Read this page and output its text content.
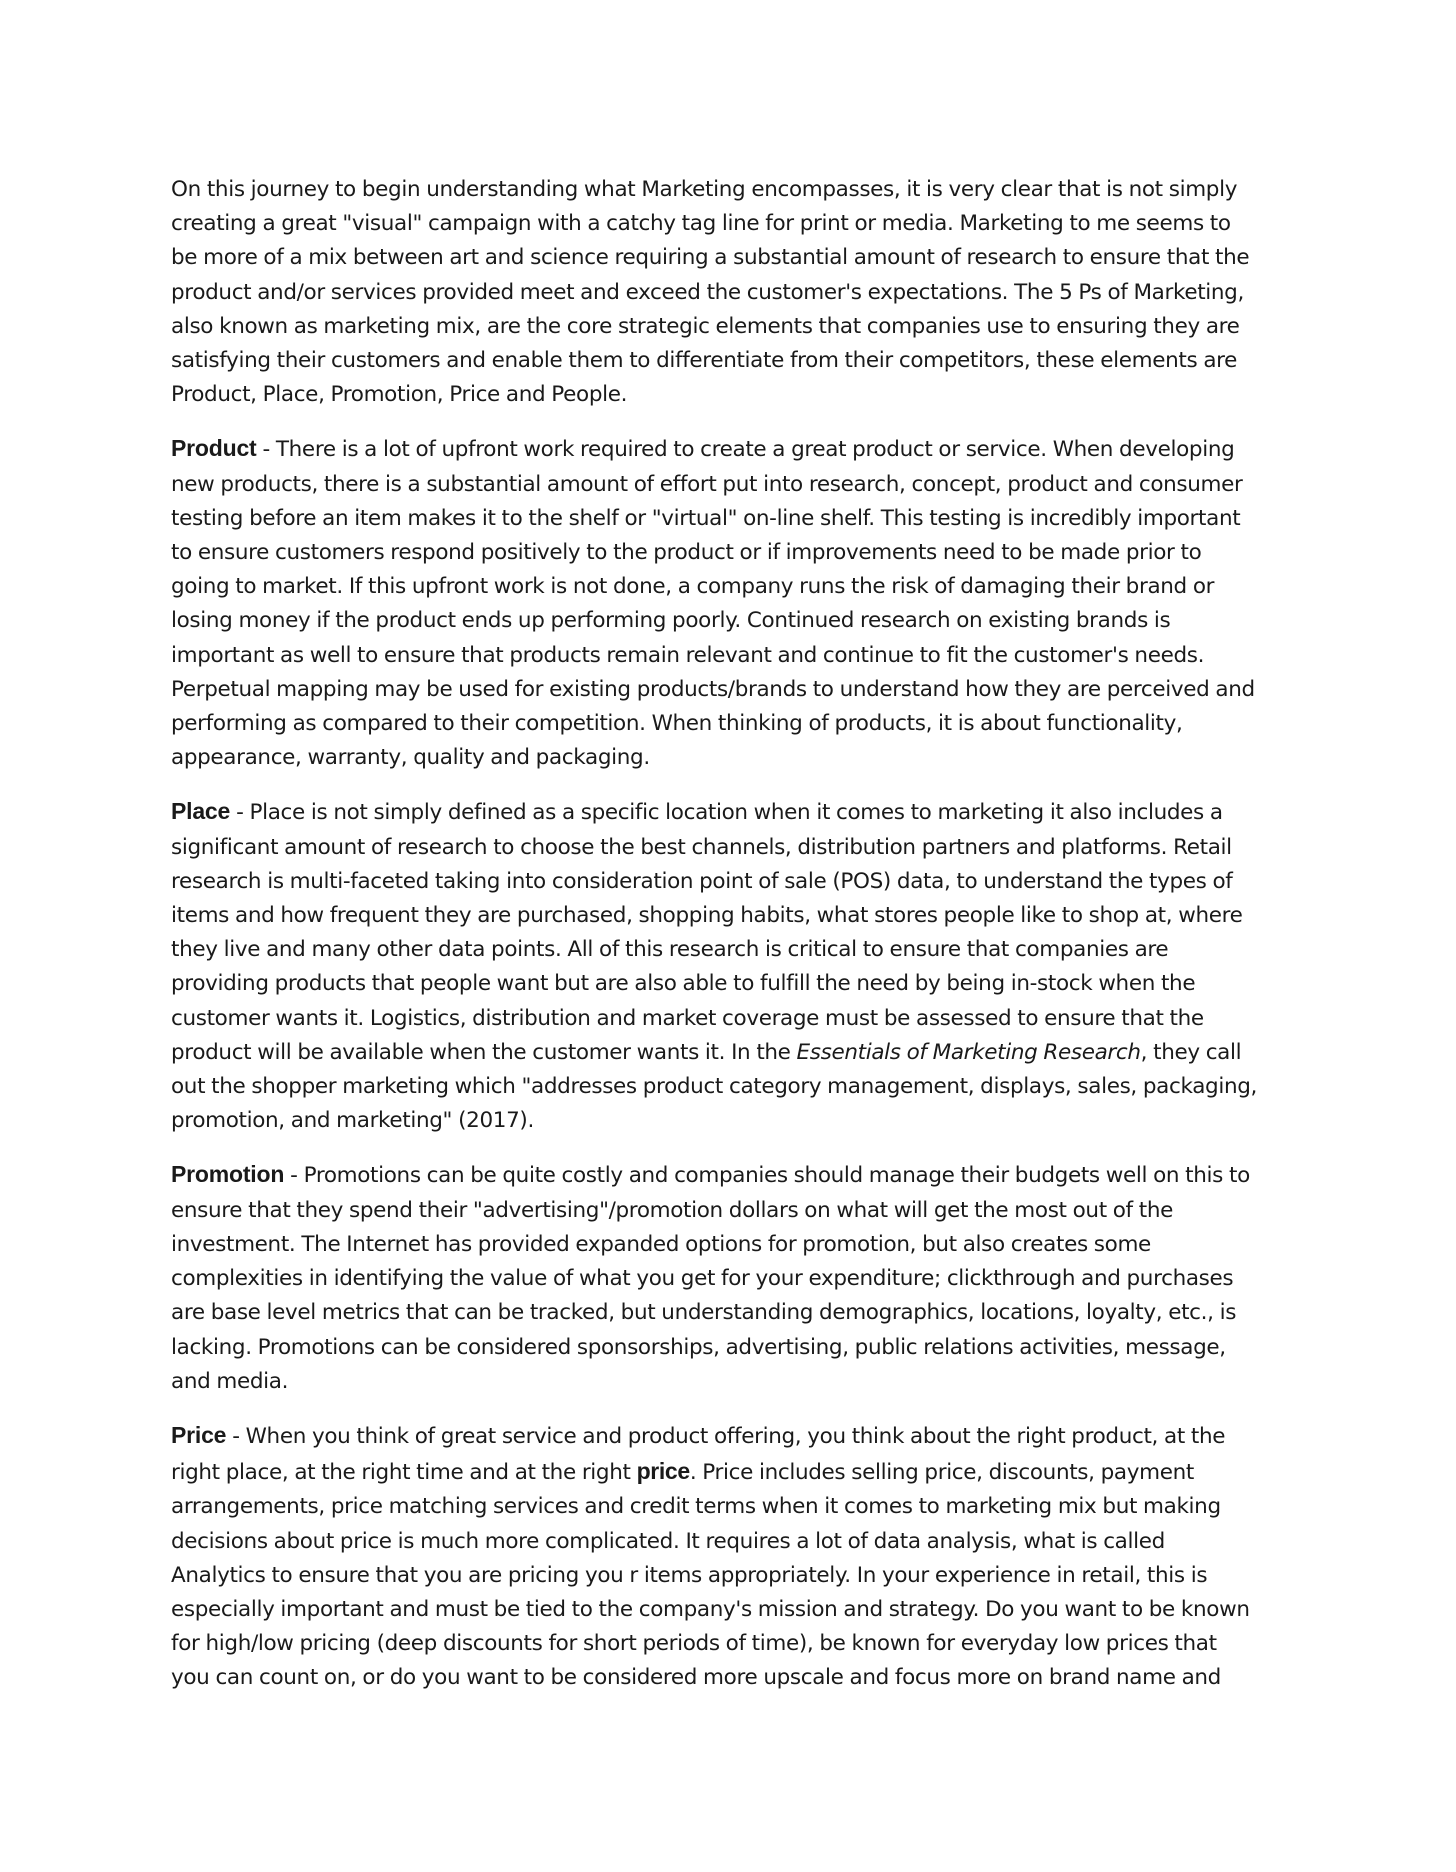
On this journey to begin understanding what Marketing encompasses, it is very clear that is not simply
creating a great "visual" campaign with a catchy tag line for print or media. Marketing to me seems to
be more of a mix between art and science requiring a substantial amount of research to ensure that the
product and/or services provided meet and exceed the customer's expectations. The 5 Ps of Marketing,
also known as marketing mix, are the core strategic elements that companies use to ensuring they are
satisfying their customers and enable them to differentiate from their competitors, these elements are
Product, Place, Promotion, Price and People.

Product - There is a lot of upfront work required to create a great product or service. When developing
new products, there is a substantial amount of effort put into research, concept, product and consumer
testing before an item makes it to the shelf or "virtual" on-line shelf. This testing is incredibly important
to ensure customers respond positively to the product or if improvements need to be made prior to
going to market. If this upfront work is not done, a company runs the risk of damaging their brand or
losing money if the product ends up performing poorly. Continued research on existing brands is
important as well to ensure that products remain relevant and continue to fit the customer's needs.
Perpetual mapping may be used for existing products/brands to understand how they are perceived and
performing as compared to their competition. When thinking of products, it is about functionality,
appearance, warranty, quality and packaging.

Place - Place is not simply defined as a specific location when it comes to marketing it also includes a
significant amount of research to choose the best channels, distribution partners and platforms. Retail
research is multi-faceted taking into consideration point of sale (POS) data, to understand the types of
items and how frequent they are purchased, shopping habits, what stores people like to shop at, where
they live and many other data points. All of this research is critical to ensure that companies are
providing products that people want but are also able to fulfill the need by being in-stock when the
customer wants it. Logistics, distribution and market coverage must be assessed to ensure that the
product will be available when the customer wants it. In the Essentials of Marketing Research, they call
out the shopper marketing which "addresses product category management, displays, sales, packaging,
promotion, and marketing" (2017).

Promotion - Promotions can be quite costly and companies should manage their budgets well on this to
ensure that they spend their "advertising"/promotion dollars on what will get the most out of the
investment. The Internet has provided expanded options for promotion, but also creates some
complexities in identifying the value of what you get for your expenditure; clickthrough and purchases
are base level metrics that can be tracked, but understanding demographics, locations, loyalty, etc., is
lacking. Promotions can be considered sponsorships, advertising, public relations activities, message,
and media.

Price - When you think of great service and product offering, you think about the right product, at the
right place, at the right time and at the right price. Price includes selling price, discounts, payment
arrangements, price matching services and credit terms when it comes to marketing mix but making
decisions about price is much more complicated. It requires a lot of data analysis, what is called
Analytics to ensure that you are pricing you r items appropriately. In your experience in retail, this is
especially important and must be tied to the company's mission and strategy. Do you want to be known
for high/low pricing (deep discounts for short periods of time), be known for everyday low prices that
you can count on, or do you want to be considered more upscale and focus more on brand name and
